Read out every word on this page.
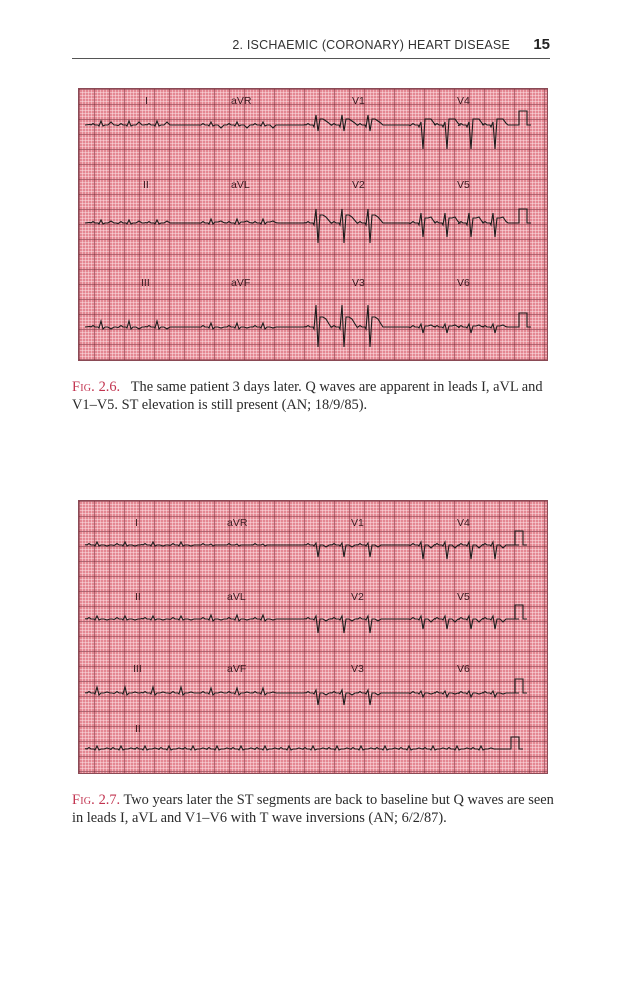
2. ISCHAEMIC (CORONARY) HEART DISEASE 15
I	aVR	V1	V4
II	aVL	V2	V5
III	aVF	V3	V6
Fig. 2.6. The same patient 3 days later. Q waves are apparent in leads I, aVL and V1–V5. ST elevation is still present (AN; 18/9/85).
I	aVR	V1	V4
II	aVL	V2	V5
III	aVF	V3	V6
II
Fig. 2.7. Two years later the ST segments are back to baseline but Q waves are seen in leads I, aVL and V1–V6 with T wave inversions (AN; 6/2/87).
